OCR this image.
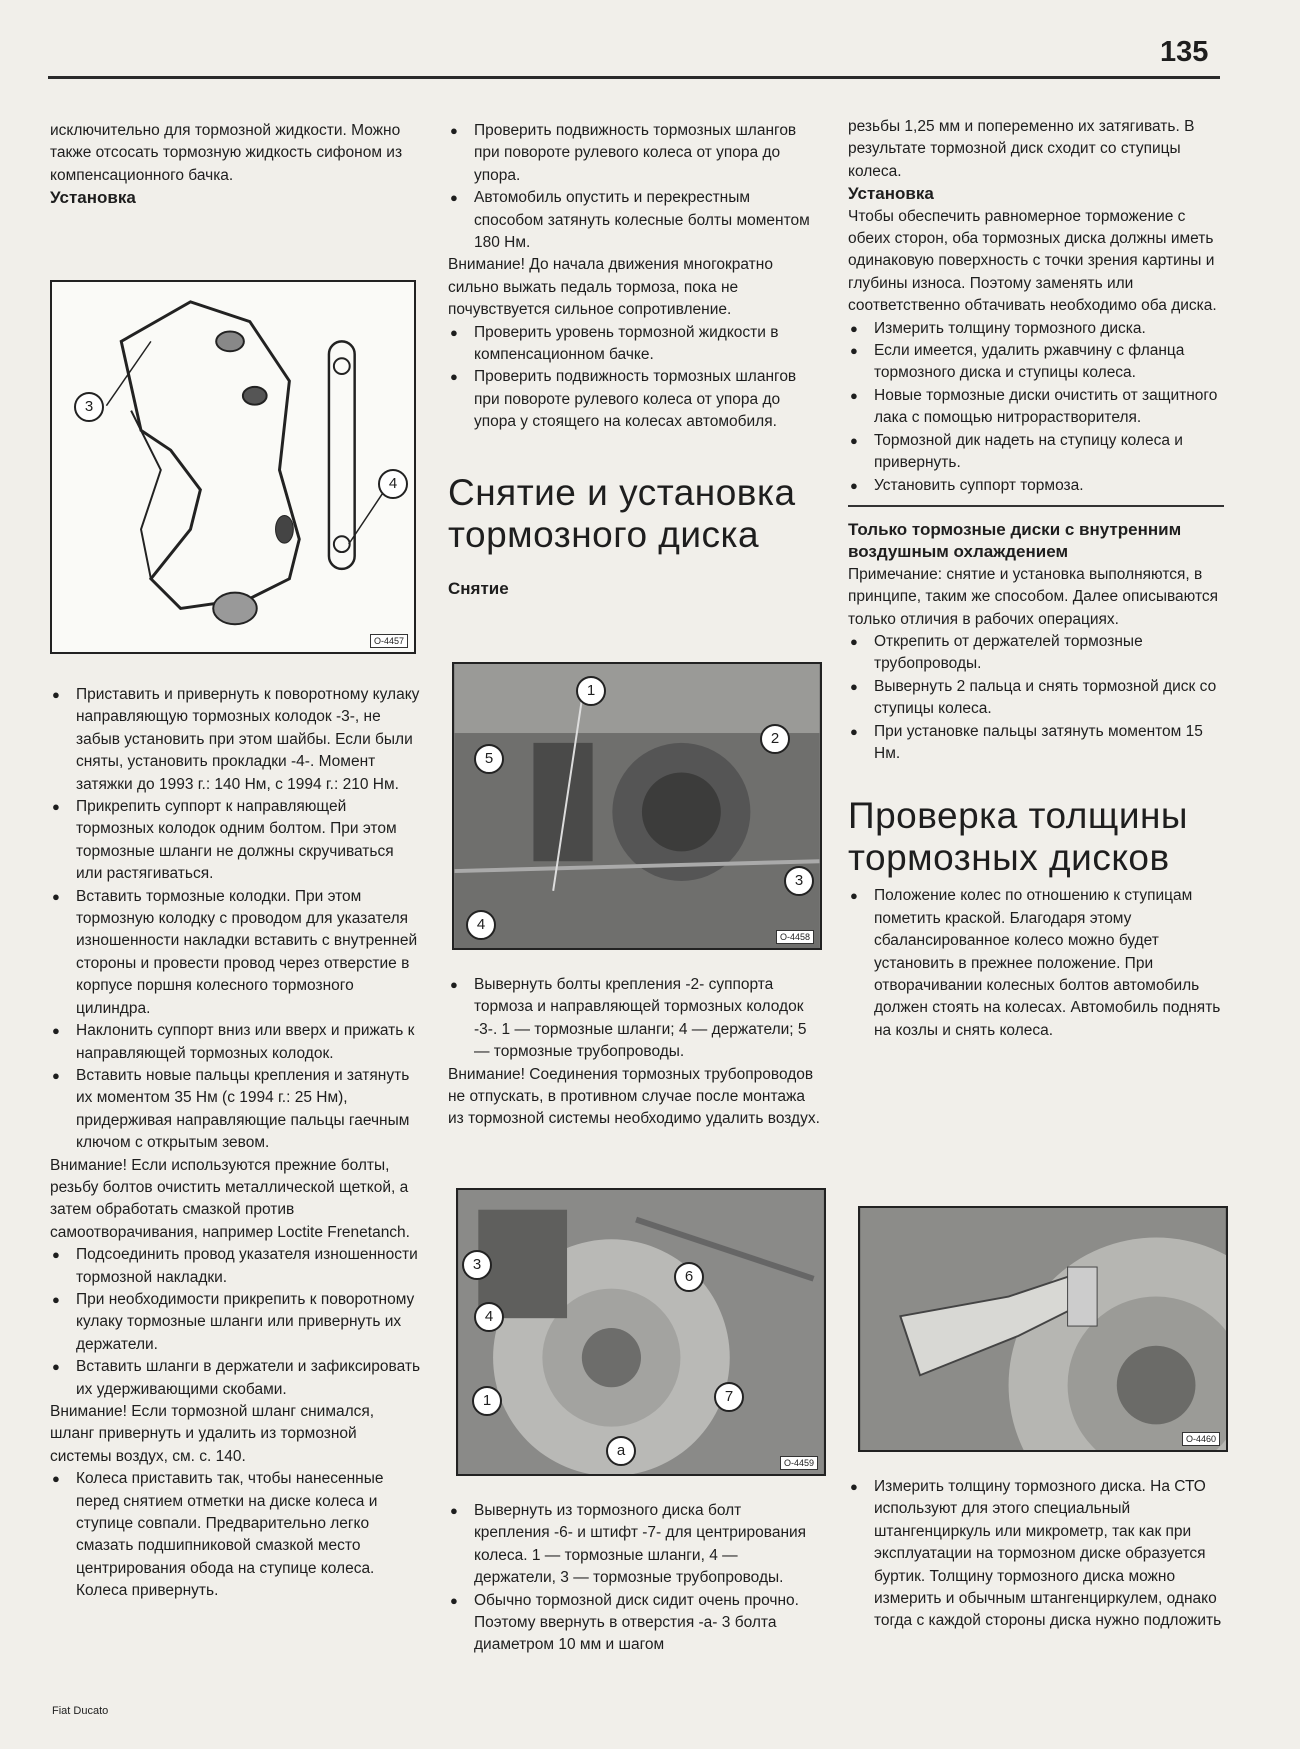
135

исключительно для тормозной жидкости. Можно также отсосать тормозную жидкость сифоном из компенсационного бачка.

Установка

3
4
O-4457

● Приставить и привернуть к поворотному кулаку направляющую тормозных колодок -3-, не забыв установить при этом шайбы. Если были сняты, установить прокладки -4-. Момент затяжки до 1993 г.: 140 Нм, с 1994 г.: 210 Нм.

● Прикрепить суппорт к направляющей тормозных колодок одним болтом. При этом тормозные шланги не должны скручиваться или растягиваться.

● Вставить тормозные колодки. При этом тормозную колодку с проводом для указателя изношенности накладки вставить с внутренней стороны и провести провод через отверстие в корпусе поршня колесного тормозного цилиндра.

● Наклонить суппорт вниз или вверх и прижать к направляющей тормозных колодок.

● Вставить новые пальцы крепления и затянуть их моментом 35 Нм (с 1994 г.: 25 Нм), придерживая направляющие пальцы гаечным ключом с открытым зевом.

Внимание! Если используются прежние болты, резьбу болтов очистить металлической щеткой, а затем обработать смазкой против самоотворачивания, например Loctite Frenetanch.

● Подсоединить провод указателя изношенности тормозной накладки.

● При необходимости прикрепить к поворотному кулаку тормозные шланги или привернуть их держатели.

● Вставить шланги в держатели и зафиксировать их удерживающими скобами.

Внимание! Если тормозной шланг снимался, шланг привернуть и удалить из тормозной системы воздух, см. с. 140.

● Колеса приставить так, чтобы нанесенные перед снятием отметки на диске колеса и ступице совпали. Предварительно легко смазать подшипниковой смазкой место центрирования обода на ступице колеса. Колеса привернуть.

● Проверить подвижность тормозных шлангов при повороте рулевого колеса от упора до упора.

● Автомобиль опустить и перекрестным способом затянуть колесные болты моментом 180 Нм.

Внимание! До начала движения многократно сильно выжать педаль тормоза, пока не почувствуется сильное сопротивление.

● Проверить уровень тормозной жидкости в компенсационном бачке.

● Проверить подвижность тормозных шлангов при повороте рулевого колеса от упора до упора у стоящего на колесах автомобиля.

Снятие и установка тормозного диска

Снятие

1
2
3
4
5
O-4458

● Вывернуть болты крепления -2- суппорта тормоза и направляющей тормозных колодок -3-. 1 — тормозные шланги; 4 — держатели; 5 — тормозные трубопроводы.

Внимание! Соединения тормозных трубопроводов не отпускать, в противном случае после монтажа из тормозной системы необходимо удалить воздух.

3
4
6
7
1
a
O-4459

● Вывернуть из тормозного диска болт крепления -6- и штифт -7- для центрирования колеса. 1 — тормозные шланги, 4 — держатели, 3 — тормозные трубопроводы.

● Обычно тормозной диск сидит очень прочно. Поэтому ввернуть в отверстия -а- 3 болта диаметром 10 мм и шагом

резьбы 1,25 мм и попеременно их затягивать. В результате тормозной диск сходит со ступицы колеса.

Установка

Чтобы обеспечить равномерное торможение с обеих сторон, оба тормозных диска должны иметь одинаковую поверхность с точки зрения картины и глубины износа. Поэтому заменять или соответственно обтачивать необходимо оба диска.

● Измерить толщину тормозного диска.

● Если имеется, удалить ржавчину с фланца тормозного диска и ступицы колеса.

● Новые тормозные диски очистить от защитного лака с помощью нитрорастворителя.

● Тормозной дик надеть на ступицу колеса и привернуть.

● Установить суппорт тормоза.

Только тормозные диски с внутренним воздушным охлаждением

Примечание: снятие и установка выполняются, в принципе, таким же способом. Далее описываются только отличия в рабочих операциях.

● Открепить от держателей тормозные трубопроводы.

● Вывернуть 2 пальца и снять тормозной диск со ступицы колеса.

● При установке пальцы затянуть моментом 15 Нм.

Проверка толщины тормозных дисков

● Положение колес по отношению к ступицам пометить краской. Благодаря этому сбалансированное колесо можно будет установить в прежнее положение. При отворачивании колесных болтов автомобиль должен стоять на колесах. Автомобиль поднять на козлы и снять колеса.

O-4460

● Измерить толщину тормозного диска. На СТО используют для этого специальный штангенциркуль или микрометр, так как при эксплуатации на тормозном диске образуется буртик. Толщину тормозного диска можно измерить и обычным штангенциркулем, однако тогда с каждой стороны диска нужно подложить

Fiat Ducato
